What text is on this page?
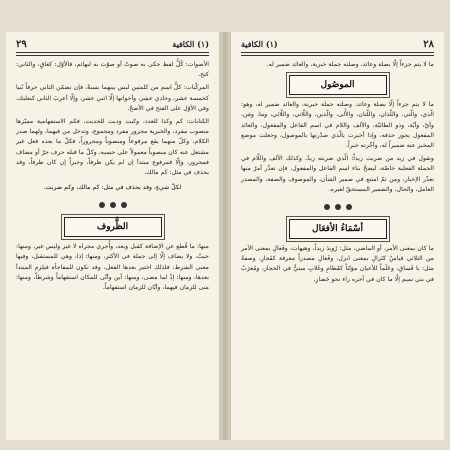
(١) الكافية
٢٩

الأصوات: كُلُّ لفظ حكى به صوتٌ أو صوّت به لبهائم، فالأوّل: كغاقٍ، والثاني: كنخ.

المركّبات: كلُّ اسم من كلمتين ليس بينهما نسبةٌ، فإن تضمّن الثاني حرفاً بُنيا كخمسة عشر، وحادي عشر، وأخواتها إلّا اثني عشر، وإلّا أعربَ الثاني كبعلبك، وفي الأوّل على الفتح في الأصحّ.

الكنايات: كم وكذا للعدد، وكيت وذيت للحديث، فكم الاستفهامية مميّزها منصوب مفرد، والخبرية مجرور مفرد ومجموع، وتدخل من فيهما، ولهما صدر الكلام، وكلّ منهما يقع مرفوعاً ومنصوباً ومجروراً، فكلّ ما بعده فعل غير مشتغل عنه كان منصوباً معمولاً على حسبه، وكلّ ما قبله حرف جرّ أو مضاف فمجرور، وإلّا فمرفوع مبتدأ إن لم يكن ظرفاً، وخبراً إن كان ظرفاً، وقد يحذف في مثل: كم مالك.

لكلّ شيءٍ، وقد يحذف في مثل: كم مالك، وكم ضربت.
الظُّروف

منها: ما قُطع عن الإضافة كقبل وبعد، وأُجري مجراه لا غير وليس غير، ومنها: حيثُ، ولا يضاف إلّا إلى جملة في الأكثر، ومنها: إذا، وهي للمستقبل، وفيها معنى الشرط، فلذلك اختير بعدها الفعل، وقد تكون للمفاجأة فيلزم المبتدأ بعدها، ومنها: إذْ لما مضى، ومنها: أين وأنّى للمكان استفهاماً وشرطاً، ومنها: متى للزمان فيهما، وأيّان للزمان استفهاماً.

٢٨
(١) الكافية

ما لا يتم جزءاً إلّا بصلة وعائد، وصلته جملة خبرية، والعائد ضمير له.

الموصُول

ما لا يتم جزءاً إلّا بصلة وعائد، وصلته جملة خبرية، والعائد ضمير له، وهو: الّذي، والّتي، واللّذان، واللّتان، والأُلى، والّذين، واللّاتي، واللّائي، وما، ومَن، وأيّ، وأيّة، وذو الطائيّة، والألف واللام في اسم الفاعل والمفعول، والعائد المفعول يجوز حذفه، وإذا أخبرت بالّذي صدّرتها بالموصول، وجعلت موضع المخبر عنه ضميراً له، وأخّرته خبراً.

وتقول في زيد من ضربت زيداً: الّذي ضربته زيدٌ، وكذلك الألف واللّام في الجملة الفعلية خاصّة، ليصحّ بناء اسم الفاعل والمفعول، فإن تعذّر أمرٌ منها تعذّر الإخبار، ومن ثمّ امتنع في ضمير الشأن، والموصوف والصفة، والمصدر العامل، والحال، والضمير المستحقّ لغيره.

أسْمَاءُ الأفعَال

ما كان بمعنى الأمر، أو الماضي، مثل: رُويدَ زيداً، وهيهات، وفَعالِ بمعنى الأمر من الثلاثي قياسٌ كنَزالِ بمعنى انزل، وفَعالِ مصدراً معرفة كفَجارِ، وصفةً مثل: يا فَساقِ، وعَلَماً للأعيان مؤنّثاً كقَطامِ وغَلابِ مبنيٌّ في الحجاز، ومُعرَبٌ في بني تميم إلّا ما كان في آخره راء نحو حَضارِ.
